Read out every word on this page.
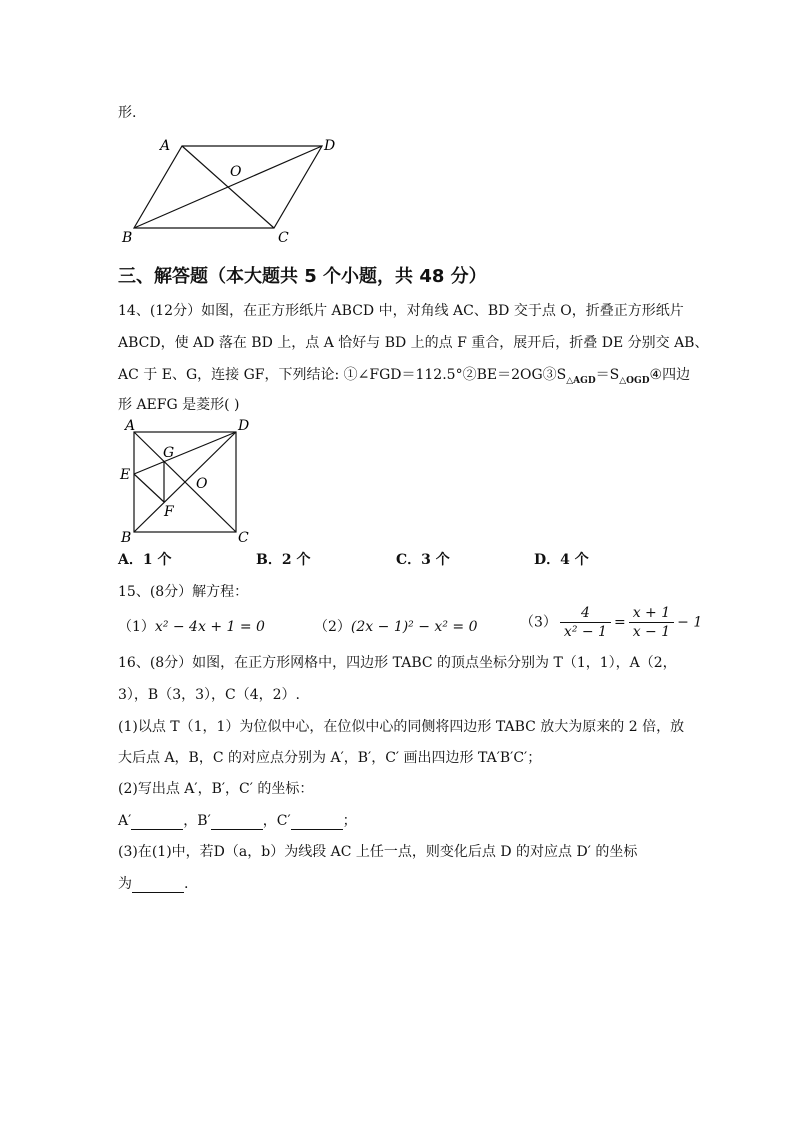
形.
A	D
O
B	C
三、解答题（本大题共 5 个小题，共 48 分）
14、(12分）如图，在正方形纸片 ABCD 中，对角线 AC、BD 交于点 O，折叠正方形纸片
ABCD，使 AD 落在 BD 上，点 A 恰好与 BD 上的点 F 重合，展开后，折叠 DE 分别交 AB、
AC 于 E、G，连接 GF，下列结论: $①\angle FGD=112.5^\circ ②BE=2OG③S_{\triangle AGD}=S_{\triangle OGD}④$四边
形 AEFG 是菱形( )
A	D
E
G
O
F
B	C
A．1 个	B．2 个	C．3 个	D．4 个
15、(8分）解方程：
（1）x² − 4x + 1 = 0	（2）(2x − 1)² − x² = 0	$(3) \frac{4}{\text{x² − 1}} = \frac{x + 1}{x - 1} - 1$
16、(8分）如图，在正方形网格中，四边形 TABC 的顶点坐标分别为 T（1，1），A（2，
3），B（3，3），C（4，2）.
(1)以点 T（1，1）为位似中心，在位似中心的同侧将四边形 TABC 放大为原来的 2 倍，放
大后点 A，B，C 的对应点分别为 A′，B′，C′ 画出四边形 TA′B′C′；
(2)写出点 A′，B′，C′ 的坐标：
A′	，B′	，C′	；
(3)在(1)中，若D（a，b）为线段 AC 上任一点，则变化后点 D 的对应点 D′ 的坐标
为	.
